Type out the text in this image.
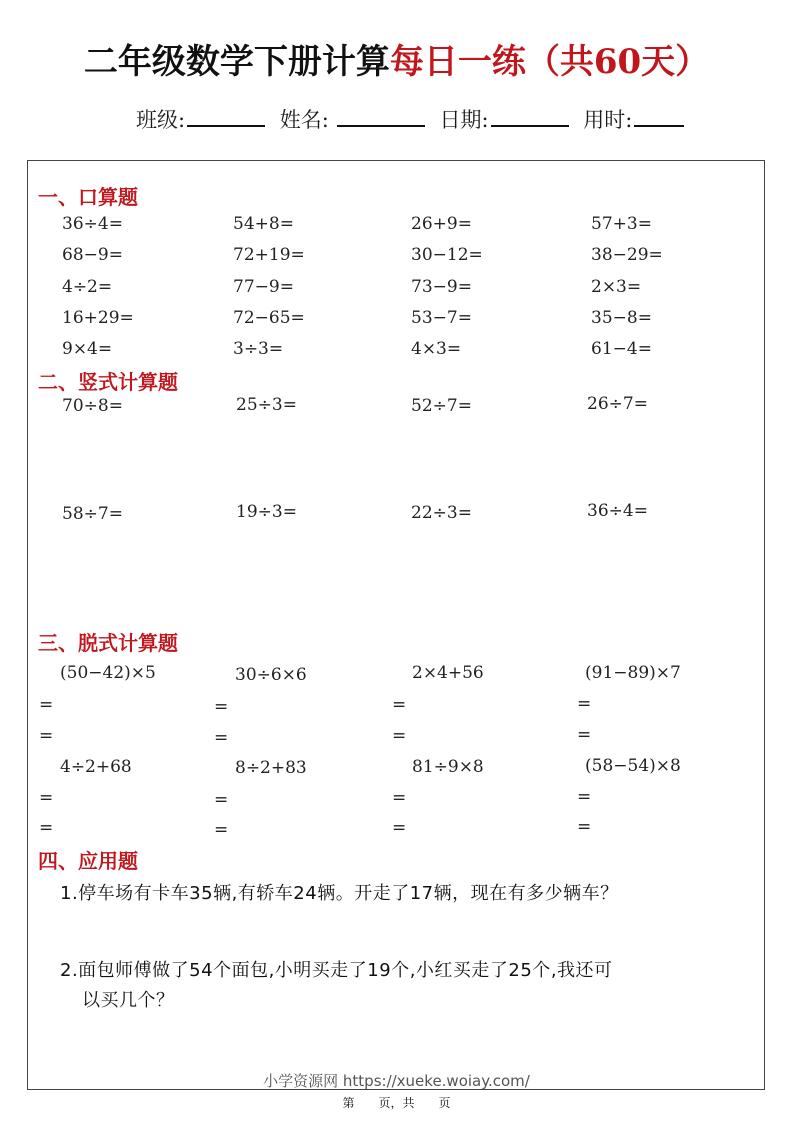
二年级数学下册计算每日一练（共60天）
班级:	姓名:	日期:	用时:
一、口算题
36÷4=	54+8=	26+9=	57+3=
68−9=	72+19=	30−12=	38−29=
4÷2=	77−9=	73−9=	2×3=
16+29=	72−65=	53−7=	35−8=
9×4=	3÷3=	4×3=	61−4=
二、竖式计算题
70÷8=	25÷3=	52÷7=	26÷7=
58÷7=	19÷3=	22÷3=	36÷4=
三、脱式计算题
(50−42)×5	30÷6×6	2×4+56	(91−89)×7
=	=	=	=
=	=	=	=
4÷2+68	8÷2+83	81÷9×8	(58−54)×8
=	=	=	=
=	=	=	=
四、应用题
1.停车场有卡车35辆,有轿车24辆。开走了17辆，现在有多少辆车？
2.面包师傅做了54个面包,小明买走了19个,小红买走了25个,我还可
以买几个？
小学资源网 https://xueke.woiay.com/
第　　页，共　　页
